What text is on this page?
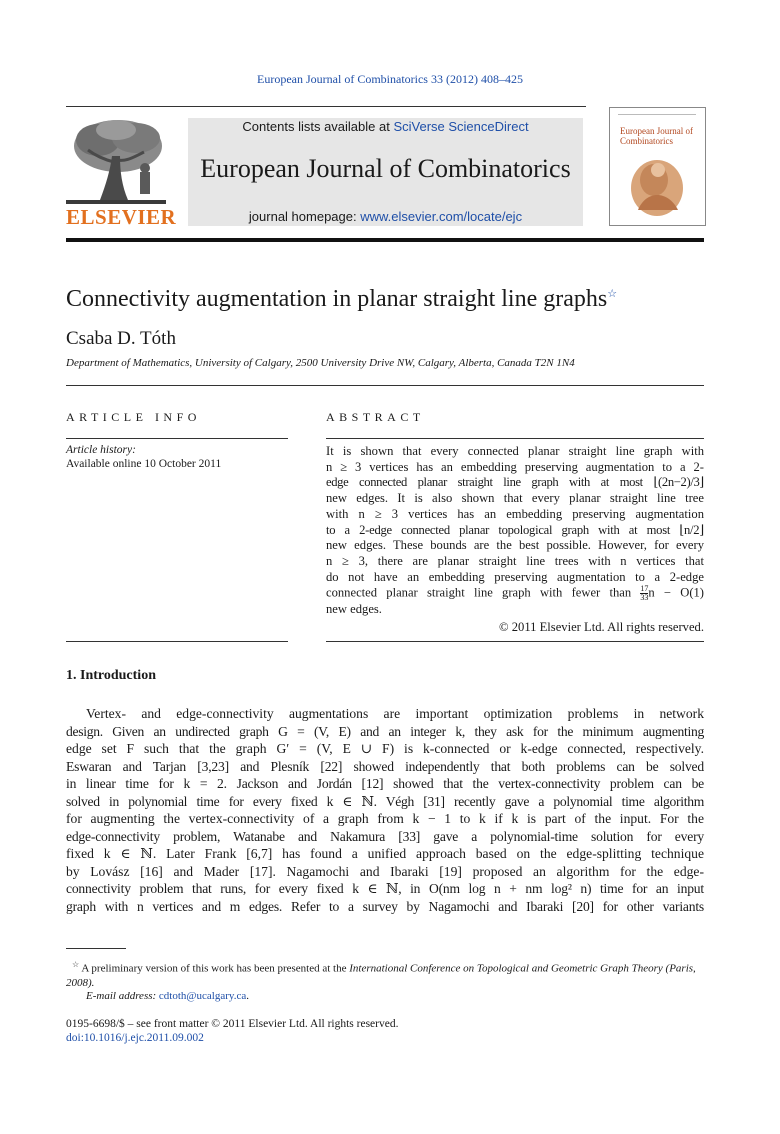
European Journal of Combinatorics 33 (2012) 408–425
ELSEVIER
Contents lists available at SciVerse ScienceDirect
European Journal of Combinatorics
journal homepage: www.elsevier.com/locate/ejc
European Journal of Combinatorics
Connectivity augmentation in planar straight line graphs☆
Csaba D. Tóth
Department of Mathematics, University of Calgary, 2500 University Drive NW, Calgary, Alberta, Canada T2N 1N4
ARTICLE INFO
Article history:
Available online 10 October 2011
ABSTRACT
It is shown that every connected planar straight line graph with
n ≥ 3 vertices has an embedding preserving augmentation to a 2-
edge connected planar straight line graph with at most ⌊(2n−2)/3⌋
new edges. It is also shown that every planar straight line tree
with n ≥ 3 vertices has an embedding preserving augmentation
to a 2-edge connected planar topological graph with at most ⌊n/2⌋
new edges. These bounds are the best possible. However, for every
n ≥ 3, there are planar straight line trees with n vertices that
do not have an embedding preserving augmentation to a 2-edge
connected planar straight line graph with fewer than $\frac{17}{33}$ n − O(1)
new edges.
© 2011 Elsevier Ltd. All rights reserved.
1. Introduction
Vertex- and edge-connectivity augmentations are important optimization problems in network
design. Given an undirected graph G = (V, E) and an integer k, they ask for the minimum augmenting
edge set F such that the graph G′ = (V, E ∪ F) is k-connected or k-edge connected, respectively.
Eswaran and Tarjan [3,23] and Plesník [22] showed independently that both problems can be solved
in linear time for k = 2. Jackson and Jordán [12] showed that the vertex-connectivity problem can be
solved in polynomial time for every fixed k ∈ ℕ. Végh [31] recently gave a polynomial time algorithm
for augmenting the vertex-connectivity of a graph from k − 1 to k if k is part of the input. For the
edge-connectivity problem, Watanabe and Nakamura [33] gave a polynomial-time solution for every
fixed k ∈ ℕ. Later Frank [6,7] has found a unified approach based on the edge-splitting technique
by Lovász [16] and Mader [17]. Nagamochi and Ibaraki [19] proposed an algorithm for the edge-
connectivity problem that runs, for every fixed k ∈ ℕ, in O(nm log n + nm log² n) time for an input
graph with n vertices and m edges. Refer to a survey by Nagamochi and Ibaraki [20] for other variants
☆ A preliminary version of this work has been presented at the International Conference on Topological and Geometric Graph Theory (Paris, 2008).
E-mail address: cdtoth@ucalgary.ca.
0195-6698/$ – see front matter © 2011 Elsevier Ltd. All rights reserved.
doi:10.1016/j.ejc.2011.09.002
